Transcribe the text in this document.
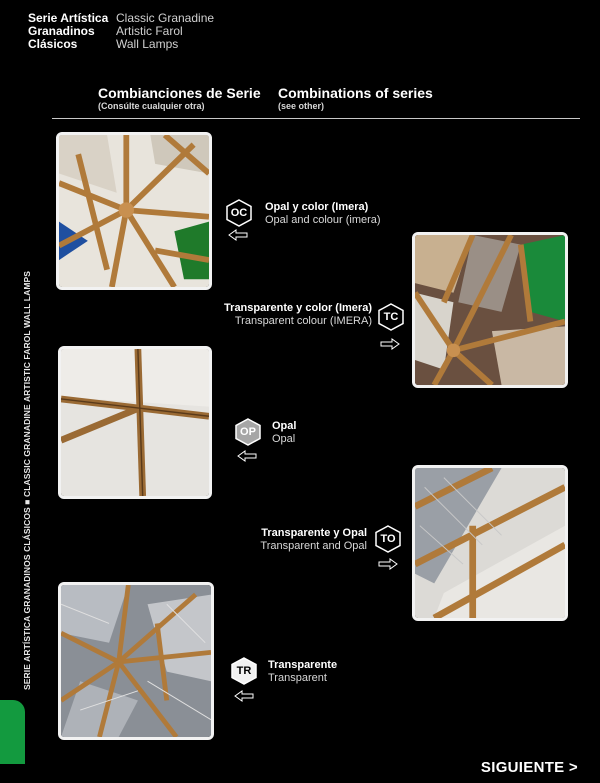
Serie Artística Classic Granadine
Granadinos	Artistic Farol
Clásicos	Wall Lamps
Combianciones de Serie
(Consúlte cualquier otra)
Combinations of series
(see other)
SERIE ARTÍSTICA GRANADINOS CLÁSICOS ■ CLASSIC GRANADINE ARTISTIC FAROL WALL LAMPS
OC	Opal y color (Imera)
Opal and colour (imera)
Transparente y color (Imera)
Transparent colour (IMERA)	TC
OP	Opal
Opal
Transparente y Opal
Transparent and Opal
TO
TR	Transparente
Transparent
SIGUIENTE >
